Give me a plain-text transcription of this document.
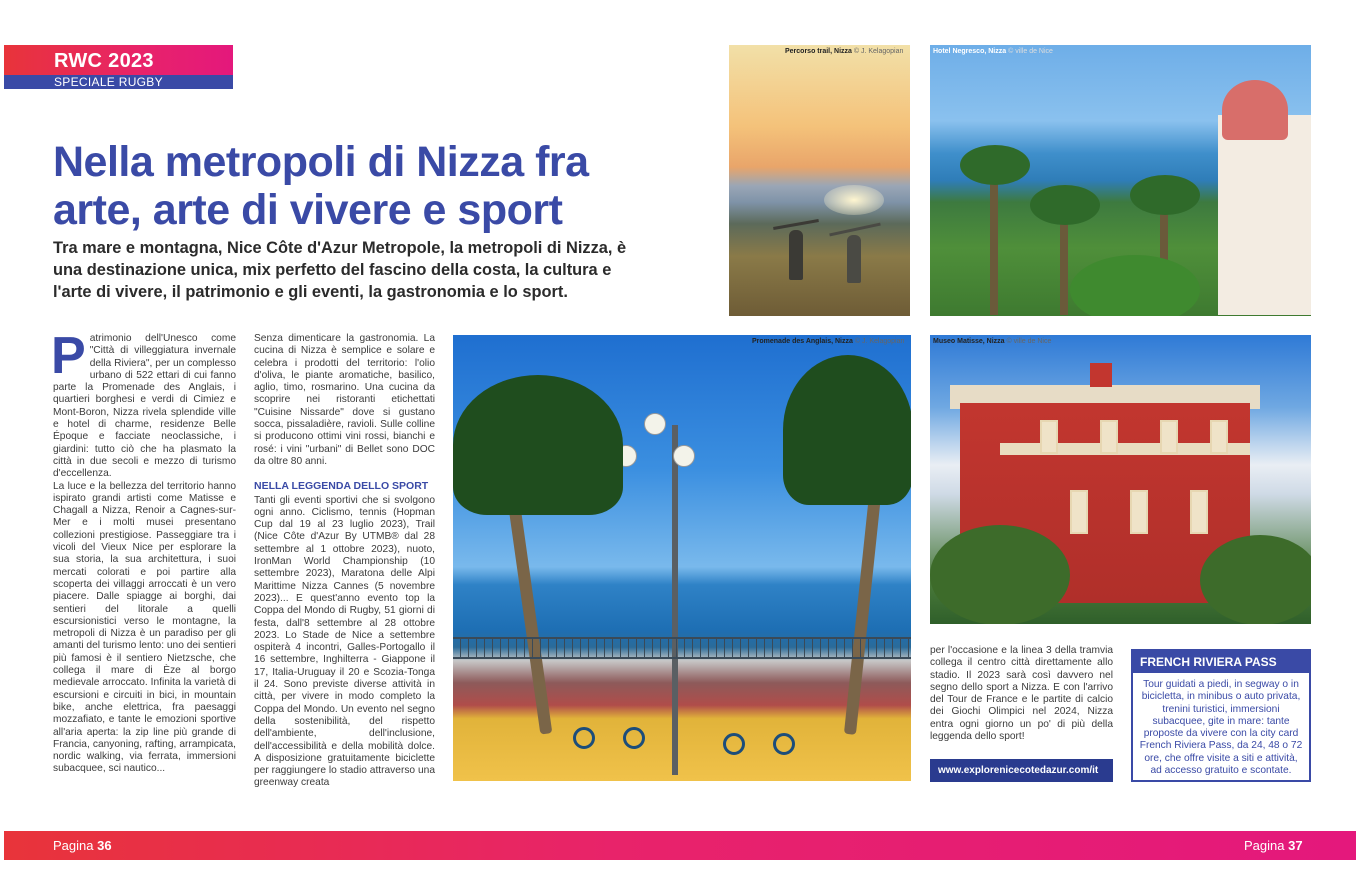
RWC 2023
SPECIALE RUGBY
Nella metropoli di Nizza fra arte, arte di vivere e sport
Tra mare e montagna, Nice Côte d'Azur Metropole, la metropoli di Nizza, è una destinazione unica, mix perfetto del fascino della costa, la cultura e l'arte di vivere, il patrimonio e gli eventi, la gastronomia e lo sport.
P atrimonio dell'Unesco come "Città di villeggiatura invernale della Riviera", per un complesso urbano di 522 ettari di cui fanno parte la Promenade des Anglais, i quartieri borghesi e verdi di Cimiez e Mont-Boron, Nizza rivela splendide ville e hotel di charme, residenze Belle Époque e facciate neoclassiche, i giardini: tutto ciò che ha plasmato la città in due secoli e mezzo di turismo d'eccellenza.

La luce e la bellezza del territorio hanno ispirato grandi artisti come Matisse e Chagall a Nizza, Renoir a Cagnes-sur-Mer e i molti musei presentano collezioni prestigiose. Passeggiare tra i vicoli del Vieux Nice per esplorare la sua storia, la sua architettura, i suoi mercati colorati e poi partire alla scoperta dei villaggi arroccati è un vero piacere. Dalle spiagge ai borghi, dai sentieri del litorale a quelli escursionistici verso le montagne, la metropoli di Nizza è un paradiso per gli amanti del turismo lento: uno dei sentieri più famosi è il sentiero Nietzsche, che collega il mare di Èze al borgo medievale arroccato. Infinita la varietà di escursioni e circuiti in bici, in mountain bike, anche elettrica, fra paesaggi mozzafiato, e tante le emozioni sportive all'aria aperta: la zip line più grande di Francia, canyoning, rafting, arrampicata, nordic walking, via ferrata, immersioni subacquee, sci nautico...

Senza dimenticare la gastronomia. La cucina di Nizza è semplice e solare e celebra i prodotti del territorio: l'olio d'oliva, le piante aromatiche, basilico, aglio, timo, rosmarino. Una cucina da scoprire nei ristoranti etichettati "Cuisine Nissarde" dove si gustano socca, pissaladière, ravioli. Sulle colline si producono ottimi vini rossi, bianchi e rosé: i vini "urbani" di Bellet sono DOC da oltre 80 anni.

NELLA LEGGENDA DELLO SPORT

Tanti gli eventi sportivi che si svolgono ogni anno. Ciclismo, tennis (Hopman Cup dal 19 al 23 luglio 2023), Trail (Nice Côte d'Azur By UTMB® dal 28 settembre al 1 ottobre 2023), nuoto, IronMan World Championship (10 settembre 2023), Maratona delle Alpi Marittime Nizza Cannes (5 novembre 2023)... E quest'anno evento top la Coppa del Mondo di Rugby, 51 giorni di festa, dall'8 settembre al 28 ottobre 2023. Lo Stade de Nice a settembre ospiterà 4 incontri, Galles-Portogallo il 16 settembre, Inghilterra - Giappone il 17, Italia-Uruguay il 20 e Scozia-Tonga il 24. Sono previste diverse attività in città, per vivere in modo completo la Coppa del Mondo. Un evento nel segno della sostenibilità, del rispetto dell'ambiente, dell'inclusione, dell'accessibilità e della mobilità dolce. A disposizione gratuitamente biciclette per raggiungere lo stadio attraverso una greenway creata

Percorso trail, Nizza © J. Kelagopian	Hotel Negresco, Nizza © ville de Nice
Promenade des Anglais, Nizza © J. Kelagopian	Museo Matisse, Nizza © ville de Nice

per l'occasione e la linea 3 della tramvia collega il centro città direttamente allo stadio. Il 2023 sarà così davvero nel segno dello sport a Nizza. E con l'arrivo del Tour de France e le partite di calcio dei Giochi Olimpici nel 2024, Nizza entra ogni giorno un po' di più della leggenda dello sport!

www.explorenicecotedazur.com/it
FRENCH RIVIERA PASS
Tour guidati a piedi, in segway o in bicicletta, in minibus o auto privata, trenini turistici, immersioni subacquee, gite in mare: tante proposte da vivere con la city card French Riviera Pass, da 24, 48 o 72 ore, che offre visite a siti e attività, ad accesso gratuito e scontate.
Pagina 36	Pagina 37
